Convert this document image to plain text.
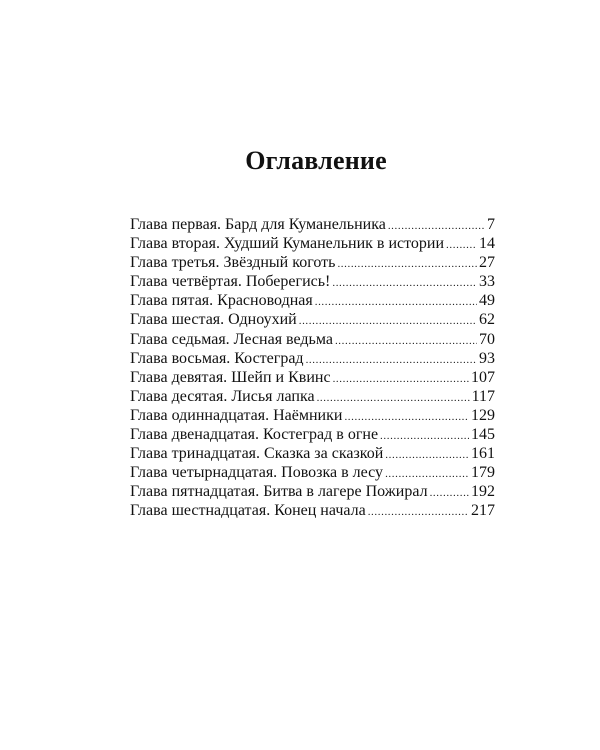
Оглавление
Глава первая. Бард для Куманельника .....	7
Глава вторая. Худший Куманельник в истории ..... 14
Глава третья. Звёздный коготь .....	27
Глава четвёртая. Поберегись! .....	33
Глава пятая. Красноводная .....	49
Глава шестая. Одноухий .....	62
Глава седьмая. Лесная ведьма .....	70
Глава восьмая. Костеград .....	93
Глава девятая. Шейп и Квинс .....	107
Глава десятая. Лисья лапка .....	117
Глава одиннадцатая. Наёмники .....	129
Глава двенадцатая. Костеград в огне .....	145
Глава тринадцатая. Сказка за сказкой .....	161
Глава четырнадцатая. Повозка в лесу .....	179
Глава пятнадцатая. Битва в лагере Пожирал .....	192
Глава шестнадцатая. Конец начала .....	217
